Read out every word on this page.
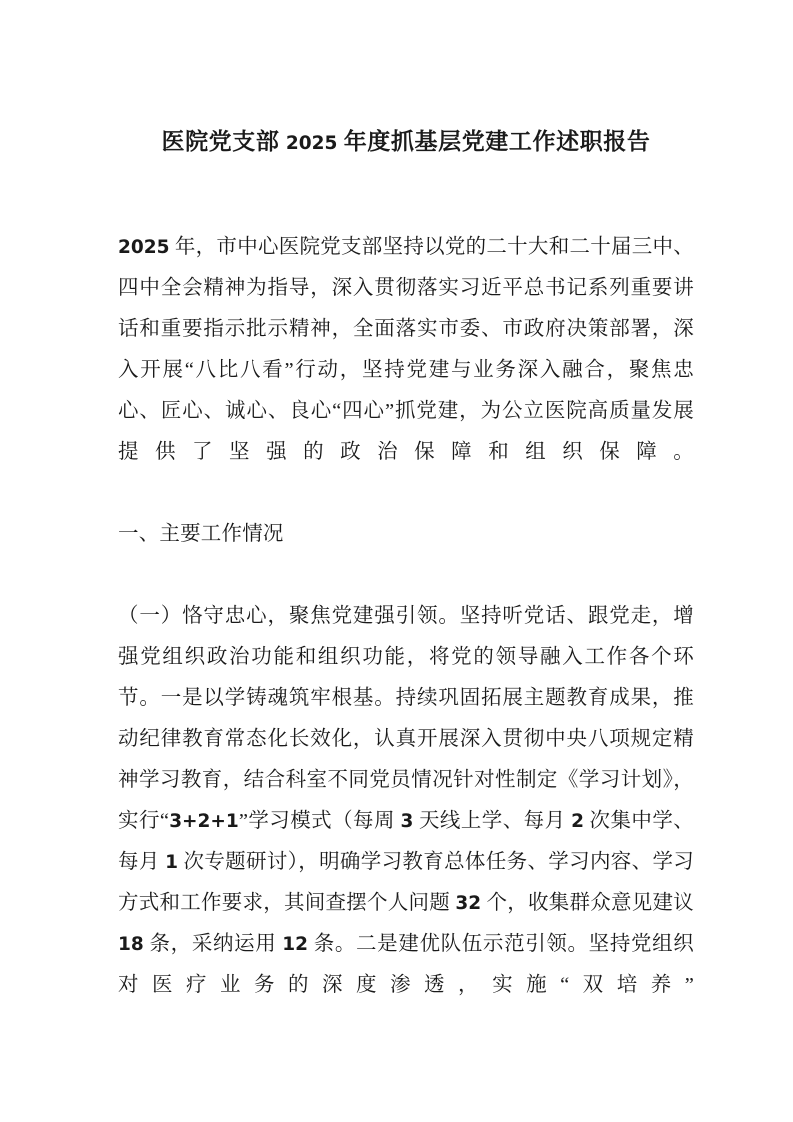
医院党支部 2025 年度抓基层党建工作述职报告

2025 年，市中心医院党支部坚持以党的二十大和二十届三中、四中全会精神为指导，深入贯彻落实习近平总书记系列重要讲话和重要指示批示精神，全面落实市委、市政府决策部署，深入开展“八比八看”行动，坚持党建与业务深入融合，聚焦忠心、匠心、诚心、良心“四心”抓党建，为公立医院高质量发展提供了坚强的政治保障和组织保障。

一、主要工作情况

（一）恪守忠心，聚焦党建强引领。坚持听党话、跟党走，增强党组织政治功能和组织功能，将党的领导融入工作各个环节。一是以学铸魂筑牢根基。持续巩固拓展主题教育成果，推动纪律教育常态化长效化，认真开展深入贯彻中央八项规定精神学习教育，结合科室不同党员情况针对性制定《学习计划》，实行“3+2+1”学习模式（每周 3 天线上学、每月 2 次集中学、每月 1 次专题研讨），明确学习教育总体任务、学习内容、学习方式和工作要求，其间查摆个人问题 32 个，收集群众意见建议 18 条，采纳运用 12 条。二是建优队伍示范引领。坚持党组织对医疗业务的深度渗透，实施“双培养”
